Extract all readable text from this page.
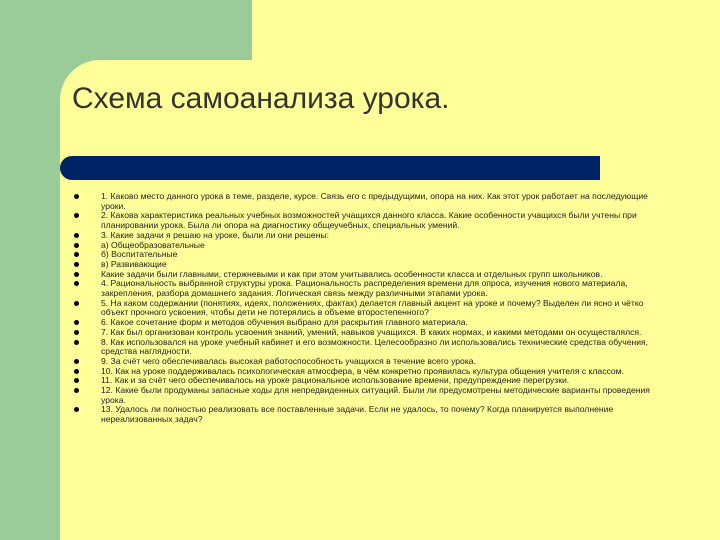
Схема самоанализа урока.
1. Каково место данного урока в теме, разделе, курсе. Связь его с предыдущими, опора на них. Как этот урок работает на последующие уроки.
2. Какова характеристика реальных учебных возможностей учащихся данного класса. Какие особенности учащихся были учтены при планировании урока. Была ли опора на диагностику общеучебных, специальных умений.
3. Какие задачи я решаю на уроке, были ли они решены:
а) Общеобразовательные
б) Воспитательные
в) Развивающие
Какие задачи были главными, стержневыми и как при этом учитывались особенности класса и отдельных групп школьников.
4. Рациональность выбранной структуры урока. Рациональность распределения времени для опроса, изучения нового материала, закрепления, разбора домашнего задания. Логическая связь между различными этапами урока.
5. На каком содержании (понятиях, идеях, положениях, фактах) делается главный акцент на уроке и почему? Выделен ли ясно и чётко объект прочного усвоения, чтобы дети не потерялись в объеме второстепенного?
6. Какое сочетание форм и методов обучения выбрано для раскрытия главного материала.
7. Как был организован контроль усвоения знаний, умений, навыков учащихся. В каких нормах, и какими методами он осуществлялся.
8. Как использовался на уроке учебный кабинет и его возможности. Целесообразно ли использовались технические средства обучения, средства наглядности.
9. За счёт чего обеспечивалась высокая работоспособность учащихся в течение всего урока.
10. Как на уроке поддерживалась психологическая атмосфера, в чём конкретно проявилась культура общения учителя с классом.
11. Как и за счёт чего обеспечивалось на уроке рациональное использование времени, предупреждение перегрузки.
12. Какие были продуманы запасные ходы для непредвиденных ситуаций. Были ли предусмотрены методические варианты проведения урока.
13. Удалось ли полностью реализовать все поставленные задачи. Если не удалось, то почему? Когда планируется выполнение нереализованных задач?
